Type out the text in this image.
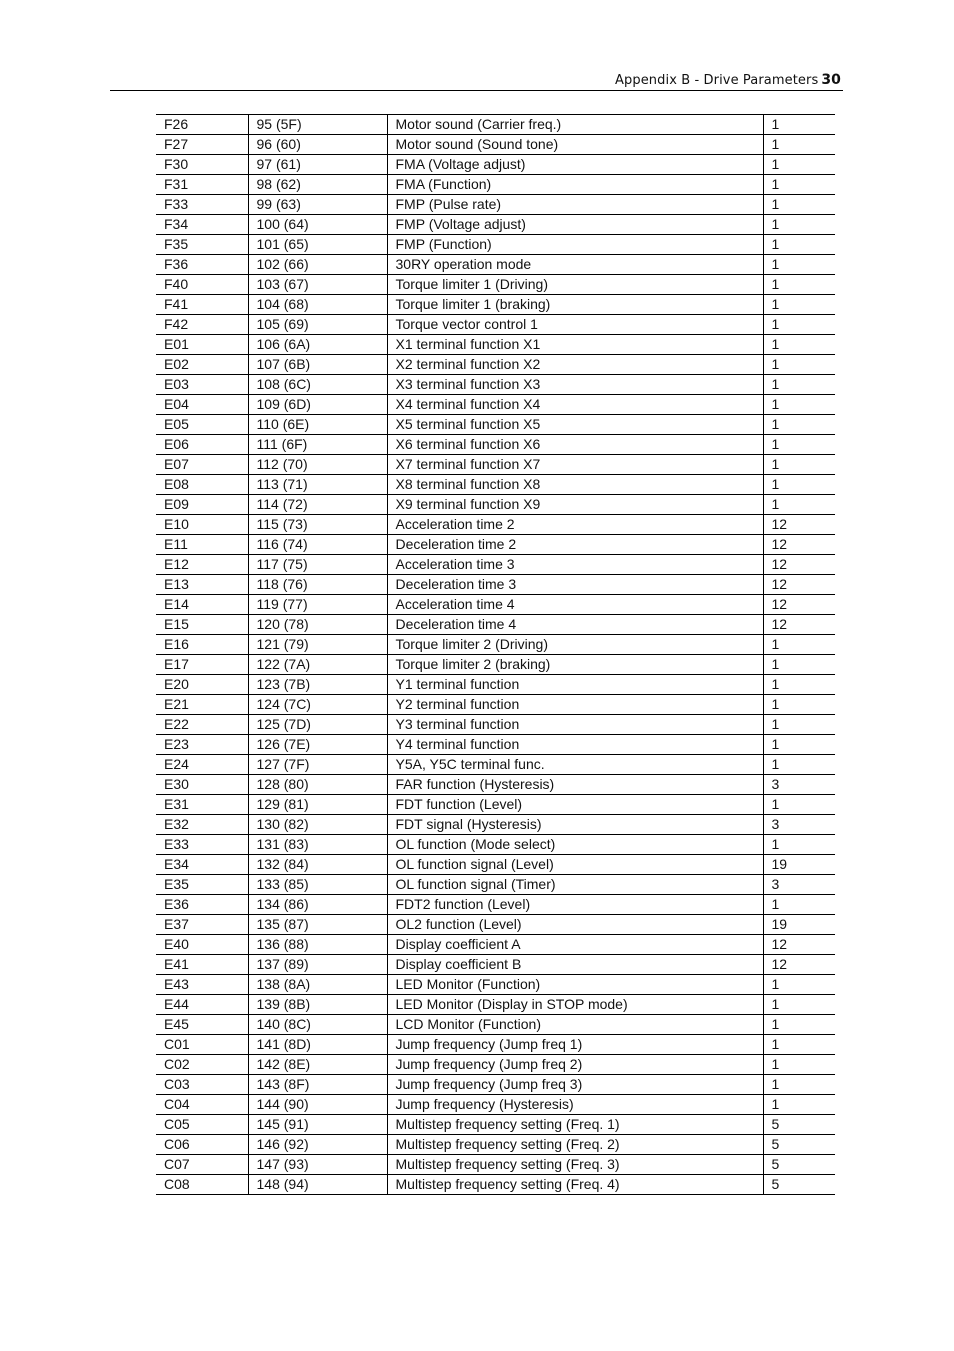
Appendix B - Drive Parameters 30
F26	95 (5F)	Motor sound (Carrier freq.)	1
F27	96 (60)	Motor sound (Sound tone)	1
F30	97 (61)	FMA (Voltage adjust)	1
F31	98 (62)	FMA (Function)	1
F33	99 (63)	FMP (Pulse rate)	1
F34	100 (64)	FMP (Voltage adjust)	1
F35	101 (65)	FMP (Function)	1
F36	102 (66)	30RY operation mode	1
F40	103 (67)	Torque limiter 1 (Driving)	1
F41	104 (68)	Torque limiter 1 (braking)	1
F42	105 (69)	Torque vector control 1	1
E01	106 (6A)	X1 terminal function X1	1
E02	107 (6B)	X2 terminal function X2	1
E03	108 (6C)	X3 terminal function X3	1
E04	109 (6D)	X4 terminal function X4	1
E05	110 (6E)	X5 terminal function X5	1
E06	111 (6F)	X6 terminal function X6	1
E07	112 (70)	X7 terminal function X7	1
E08	113 (71)	X8 terminal function X8	1
E09	114 (72)	X9 terminal function X9	1
E10	115 (73)	Acceleration time 2	12
E11	116 (74)	Deceleration time 2	12
E12	117 (75)	Acceleration time 3	12
E13	118 (76)	Deceleration time 3	12
E14	119 (77)	Acceleration time 4	12
E15	120 (78)	Deceleration time 4	12
E16	121 (79)	Torque limiter 2 (Driving)	1
E17	122 (7A)	Torque limiter 2 (braking)	1
E20	123 (7B)	Y1 terminal function	1
E21	124 (7C)	Y2 terminal function	1
E22	125 (7D)	Y3 terminal function	1
E23	126 (7E)	Y4 terminal function	1
E24	127 (7F)	Y5A, Y5C terminal func.	1
E30	128 (80)	FAR function (Hysteresis)	3
E31	129 (81)	FDT function (Level)	1
E32	130 (82)	FDT signal (Hysteresis)	3
E33	131 (83)	OL function (Mode select)	1
E34	132 (84)	OL function signal (Level)	19
E35	133 (85)	OL function signal (Timer)	3
E36	134 (86)	FDT2 function (Level)	1
E37	135 (87)	OL2 function (Level)	19
E40	136 (88)	Display coefficient A	12
E41	137 (89)	Display coefficient B	12
E43	138 (8A)	LED Monitor (Function)	1
E44	139 (8B)	LED Monitor (Display in STOP mode)	1
E45	140 (8C)	LCD Monitor (Function)	1
C01	141 (8D)	Jump frequency (Jump freq 1)	1
C02	142 (8E)	Jump frequency (Jump freq 2)	1
C03	143 (8F)	Jump frequency (Jump freq 3)	1
C04	144 (90)	Jump frequency (Hysteresis)	1
C05	145 (91)	Multistep frequency setting (Freq. 1)	5
C06	146 (92)	Multistep frequency setting (Freq. 2)	5
C07	147 (93)	Multistep frequency setting (Freq. 3)	5
C08	148 (94)	Multistep frequency setting (Freq. 4)	5
